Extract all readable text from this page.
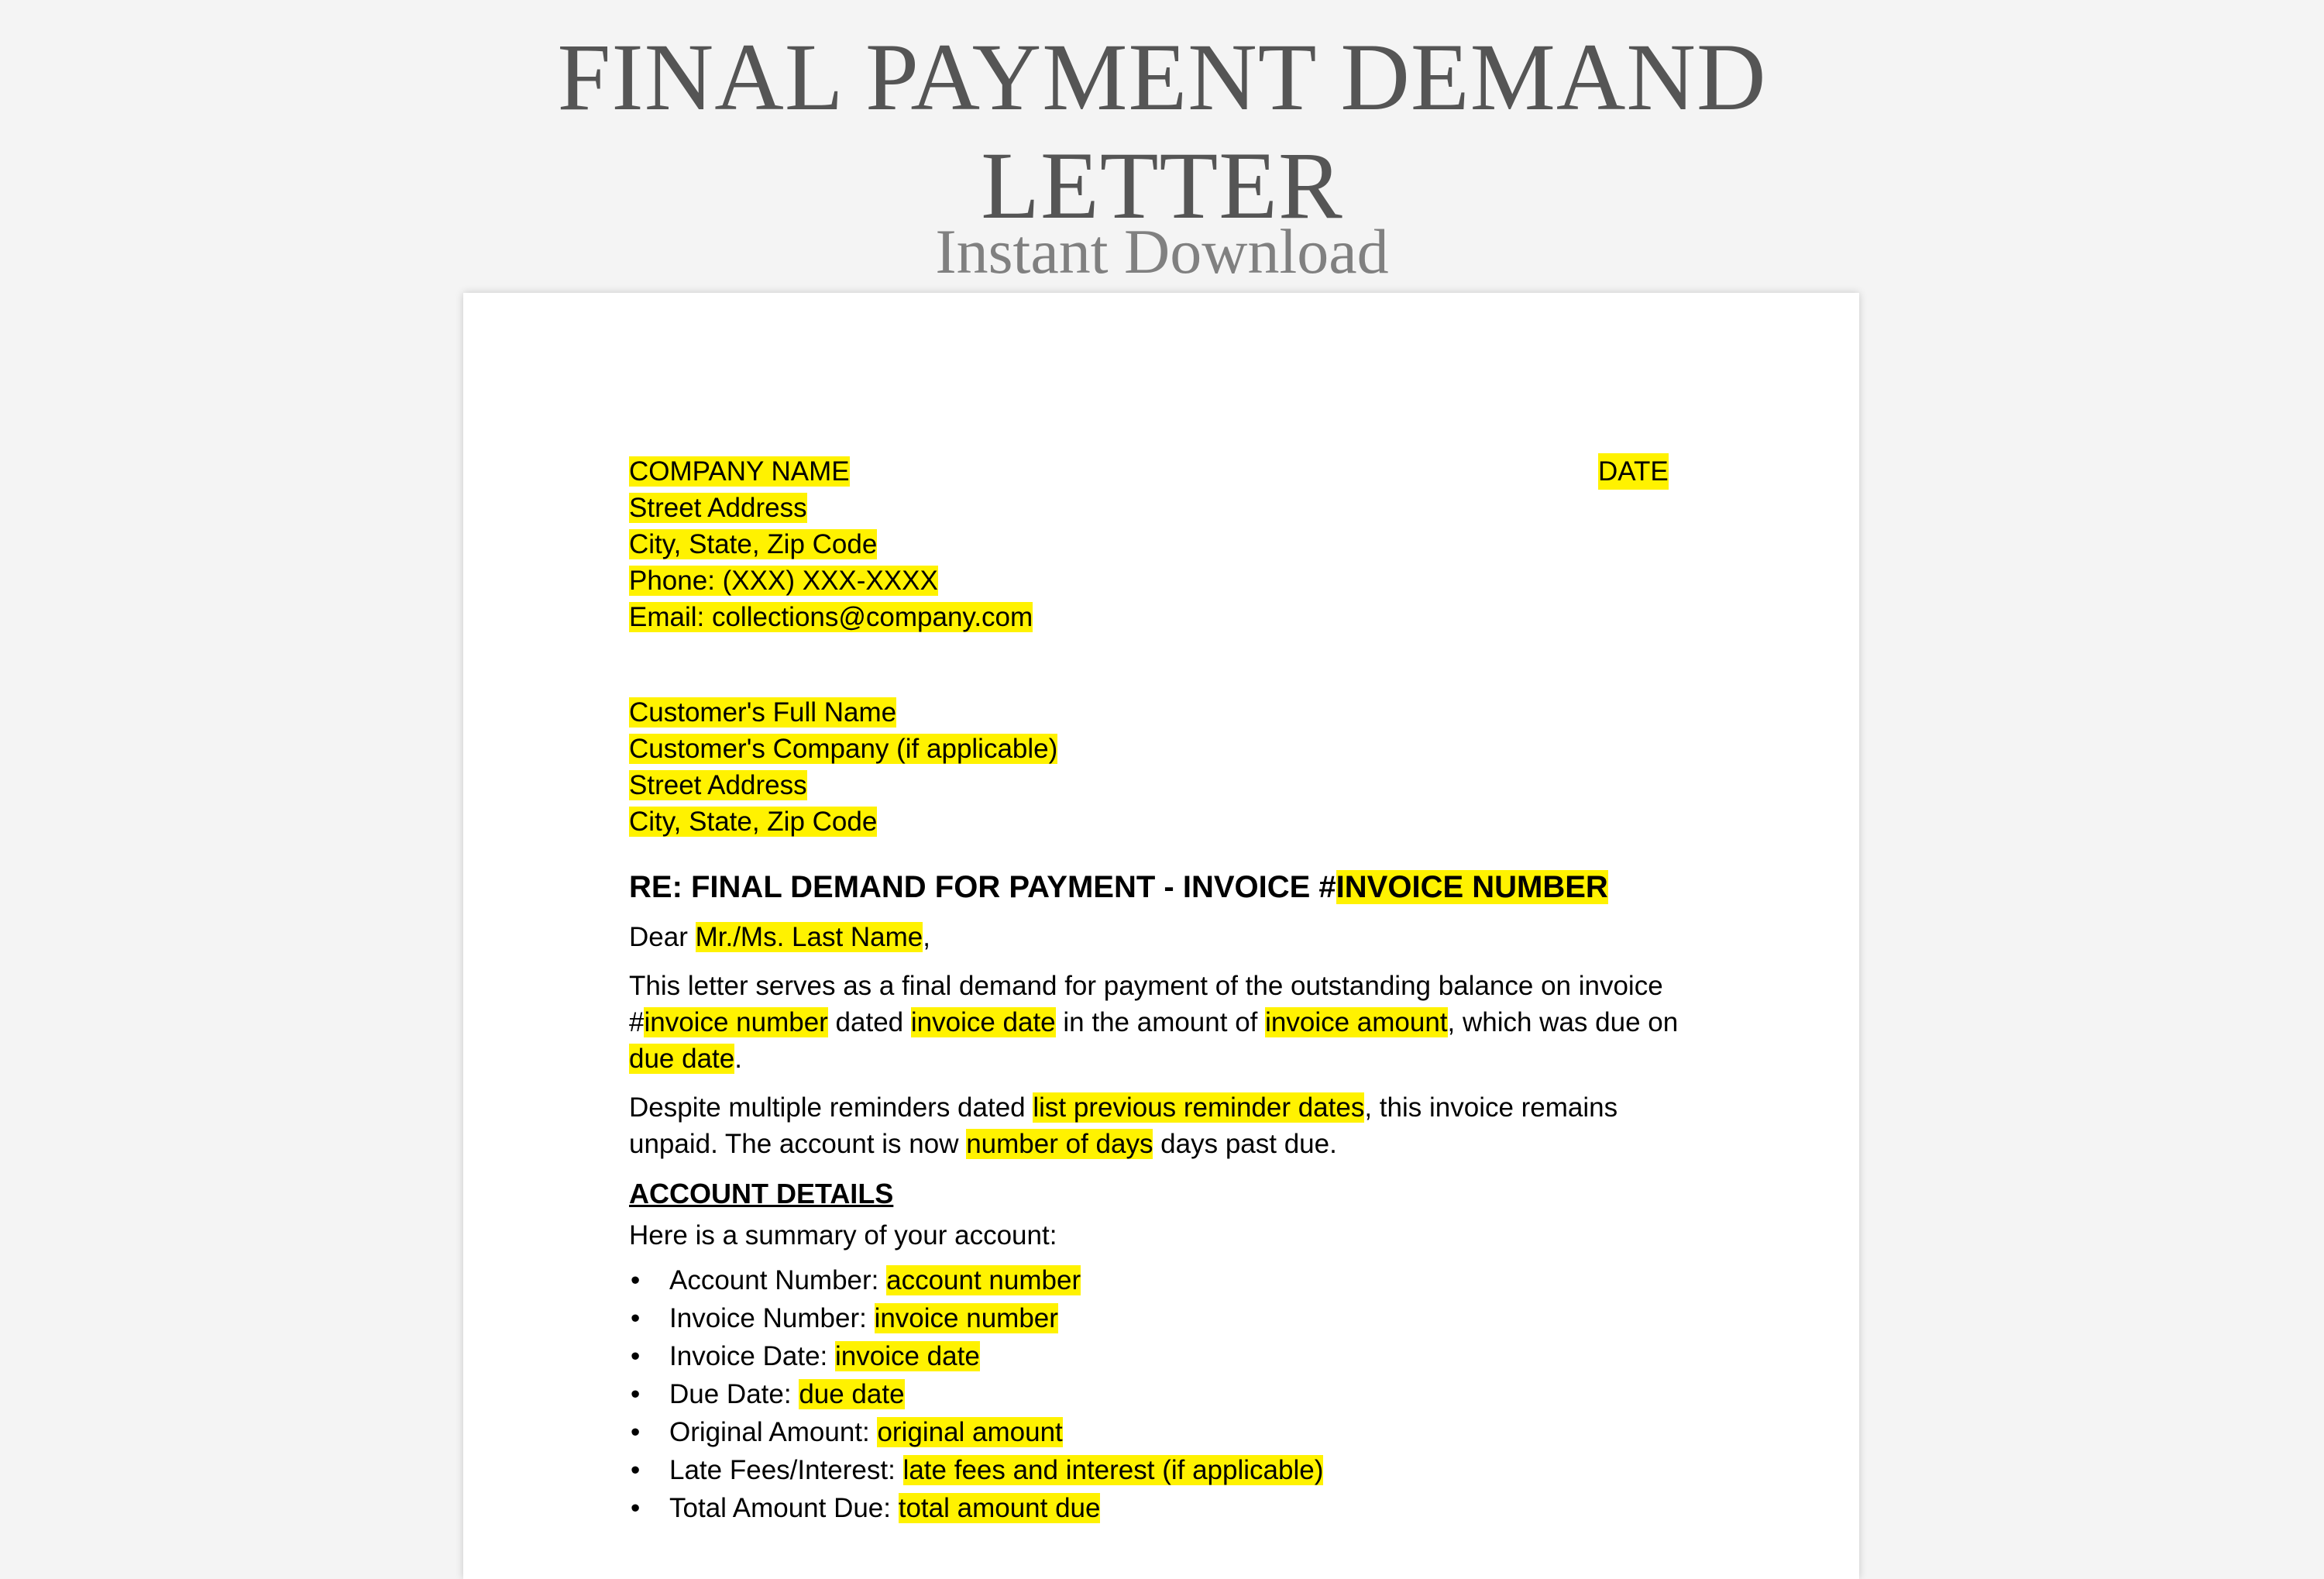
FINAL PAYMENT DEMAND
LETTER
Instant Download
COMPANY NAME
Street Address
City, State, Zip Code
Phone: (XXX) XXX-XXXX
Email: collections@company.com
DATE
Customer's Full Name
Customer's Company (if applicable)
Street Address
City, State, Zip Code
RE: FINAL DEMAND FOR PAYMENT - INVOICE #INVOICE NUMBER
Dear Mr./Ms. Last Name,
This letter serves as a final demand for payment of the outstanding balance on invoice
#invoice number dated invoice date in the amount of invoice amount, which was due on
due date.
Despite multiple reminders dated list previous reminder dates, this invoice remains
unpaid. The account is now number of days days past due.
ACCOUNT DETAILS
Here is a summary of your account:
• Account Number: account number
• Invoice Number: invoice number
• Invoice Date: invoice date
• Due Date: due date
• Original Amount: original amount
• Late Fees/Interest: late fees and interest (if applicable)
• Total Amount Due: total amount due
